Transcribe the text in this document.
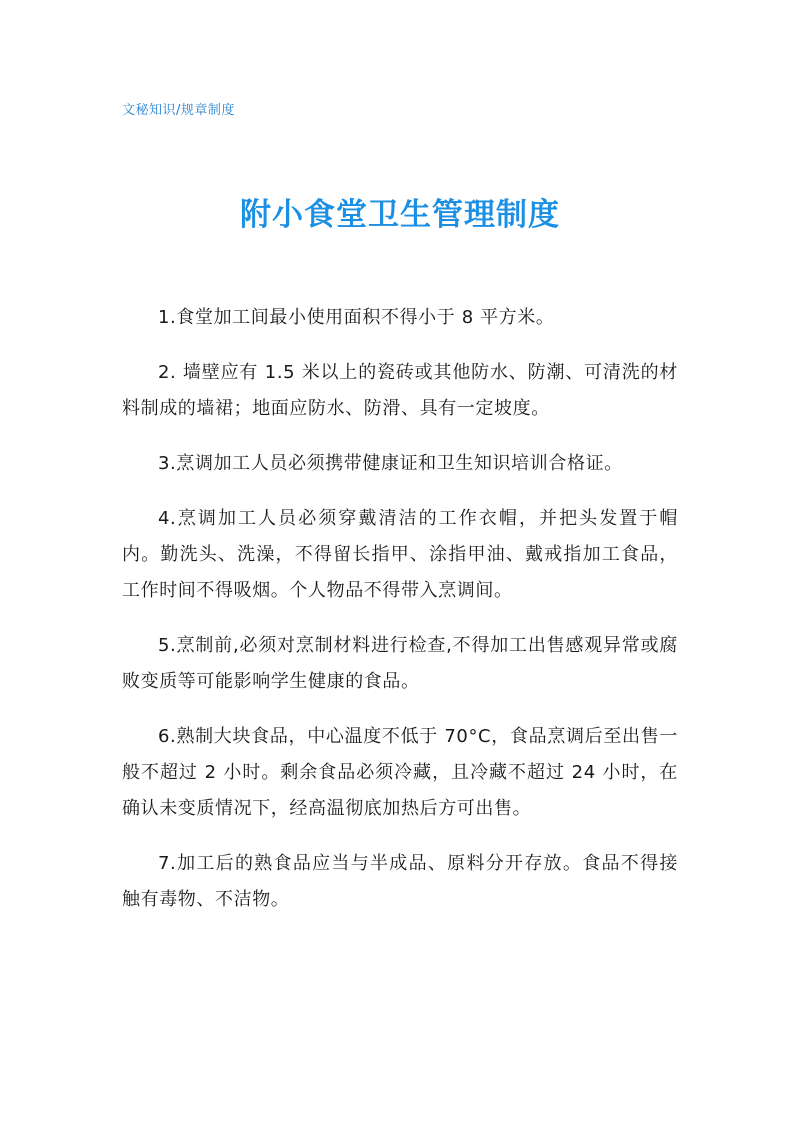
文秘知识/规章制度
附小食堂卫生管理制度

1.食堂加工间最小使用面积不得小于 8 平方米。

2. 墙壁应有 1.5 米以上的瓷砖或其他防水、防潮、可清洗的材料制成的墙裙；地面应防水、防滑、具有一定坡度。

3.烹调加工人员必须携带健康证和卫生知识培训合格证。

4.烹调加工人员必须穿戴清洁的工作衣帽，并把头发置于帽内。勤洗头、洗澡，不得留长指甲、涂指甲油、戴戒指加工食品，工作时间不得吸烟。个人物品不得带入烹调间。

5.烹制前,必须对烹制材料进行检查,不得加工出售感观异常或腐败变质等可能影响学生健康的食品。

6.熟制大块食品，中心温度不低于 70°C，食品烹调后至出售一般不超过 2 小时。剩余食品必须冷藏，且冷藏不超过 24 小时，在确认未变质情况下，经高温彻底加热后方可出售。

7.加工后的熟食品应当与半成品、原料分开存放。食品不得接触有毒物、不洁物。
